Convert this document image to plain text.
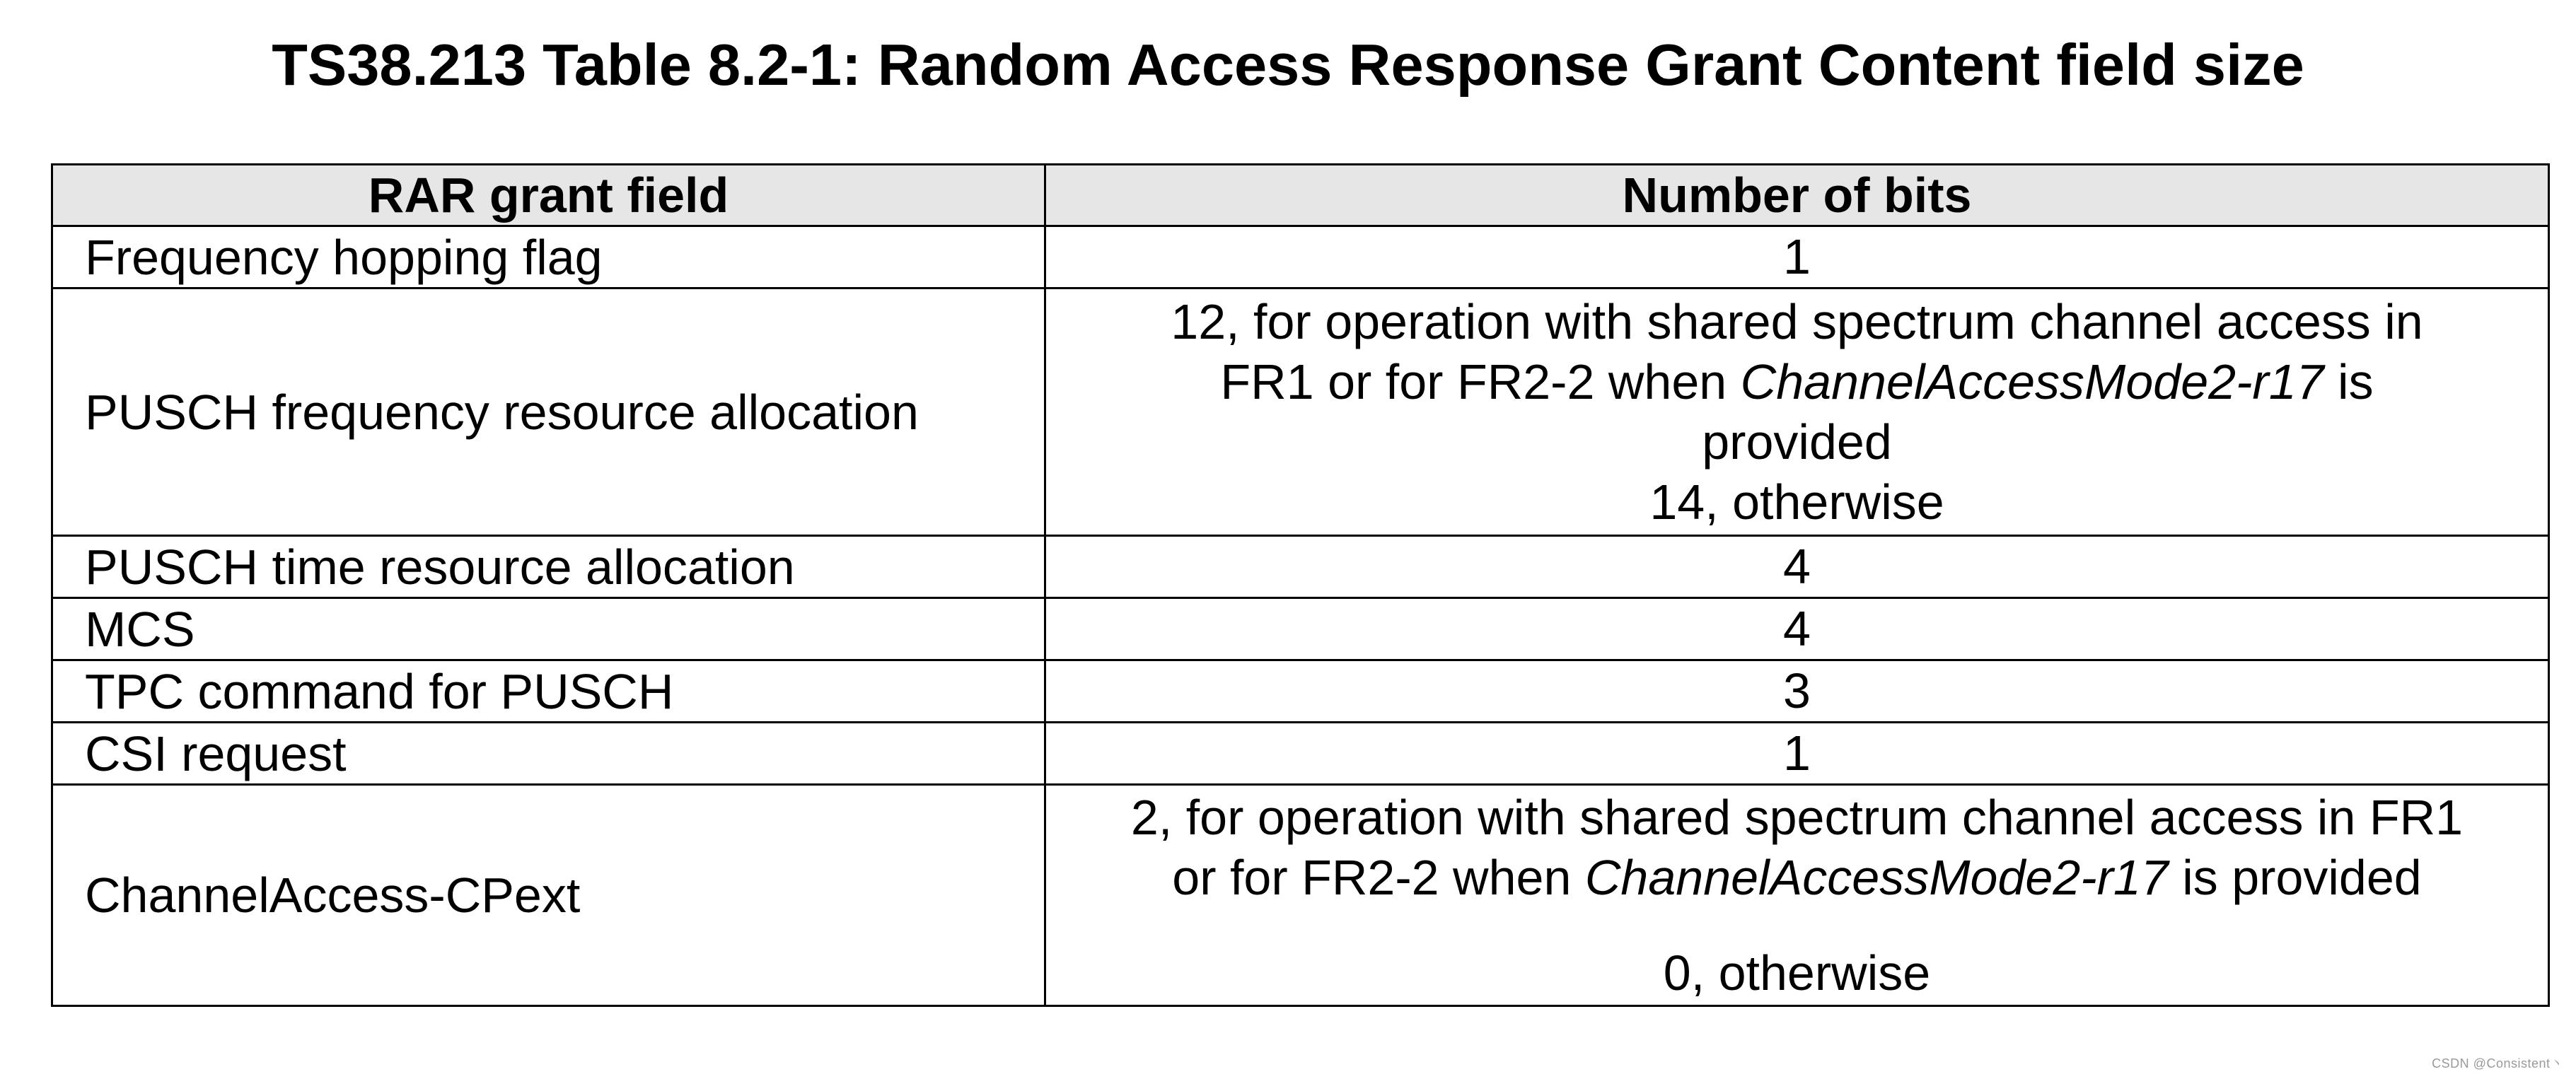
TS38.213 Table 8.2-1: Random Access Response Grant Content field size
RAR grant field	Number of bits
Frequency hopping flag	1
PUSCH frequency resource allocation	12, for operation with shared spectrum channel access in
FR1 or for FR2-2 when ChannelAccessMode2-r17 is
provided
14, otherwise

PUSCH time resource allocation	4
MCS	4
TPC command for PUSCH	3
CSI request	1
ChannelAccess-CPext	2, for operation with shared spectrum channel access in FR1
or for FR2-2 when ChannelAccessMode2-r17 is provided
0, otherwise
CSDN @Consistent丶
